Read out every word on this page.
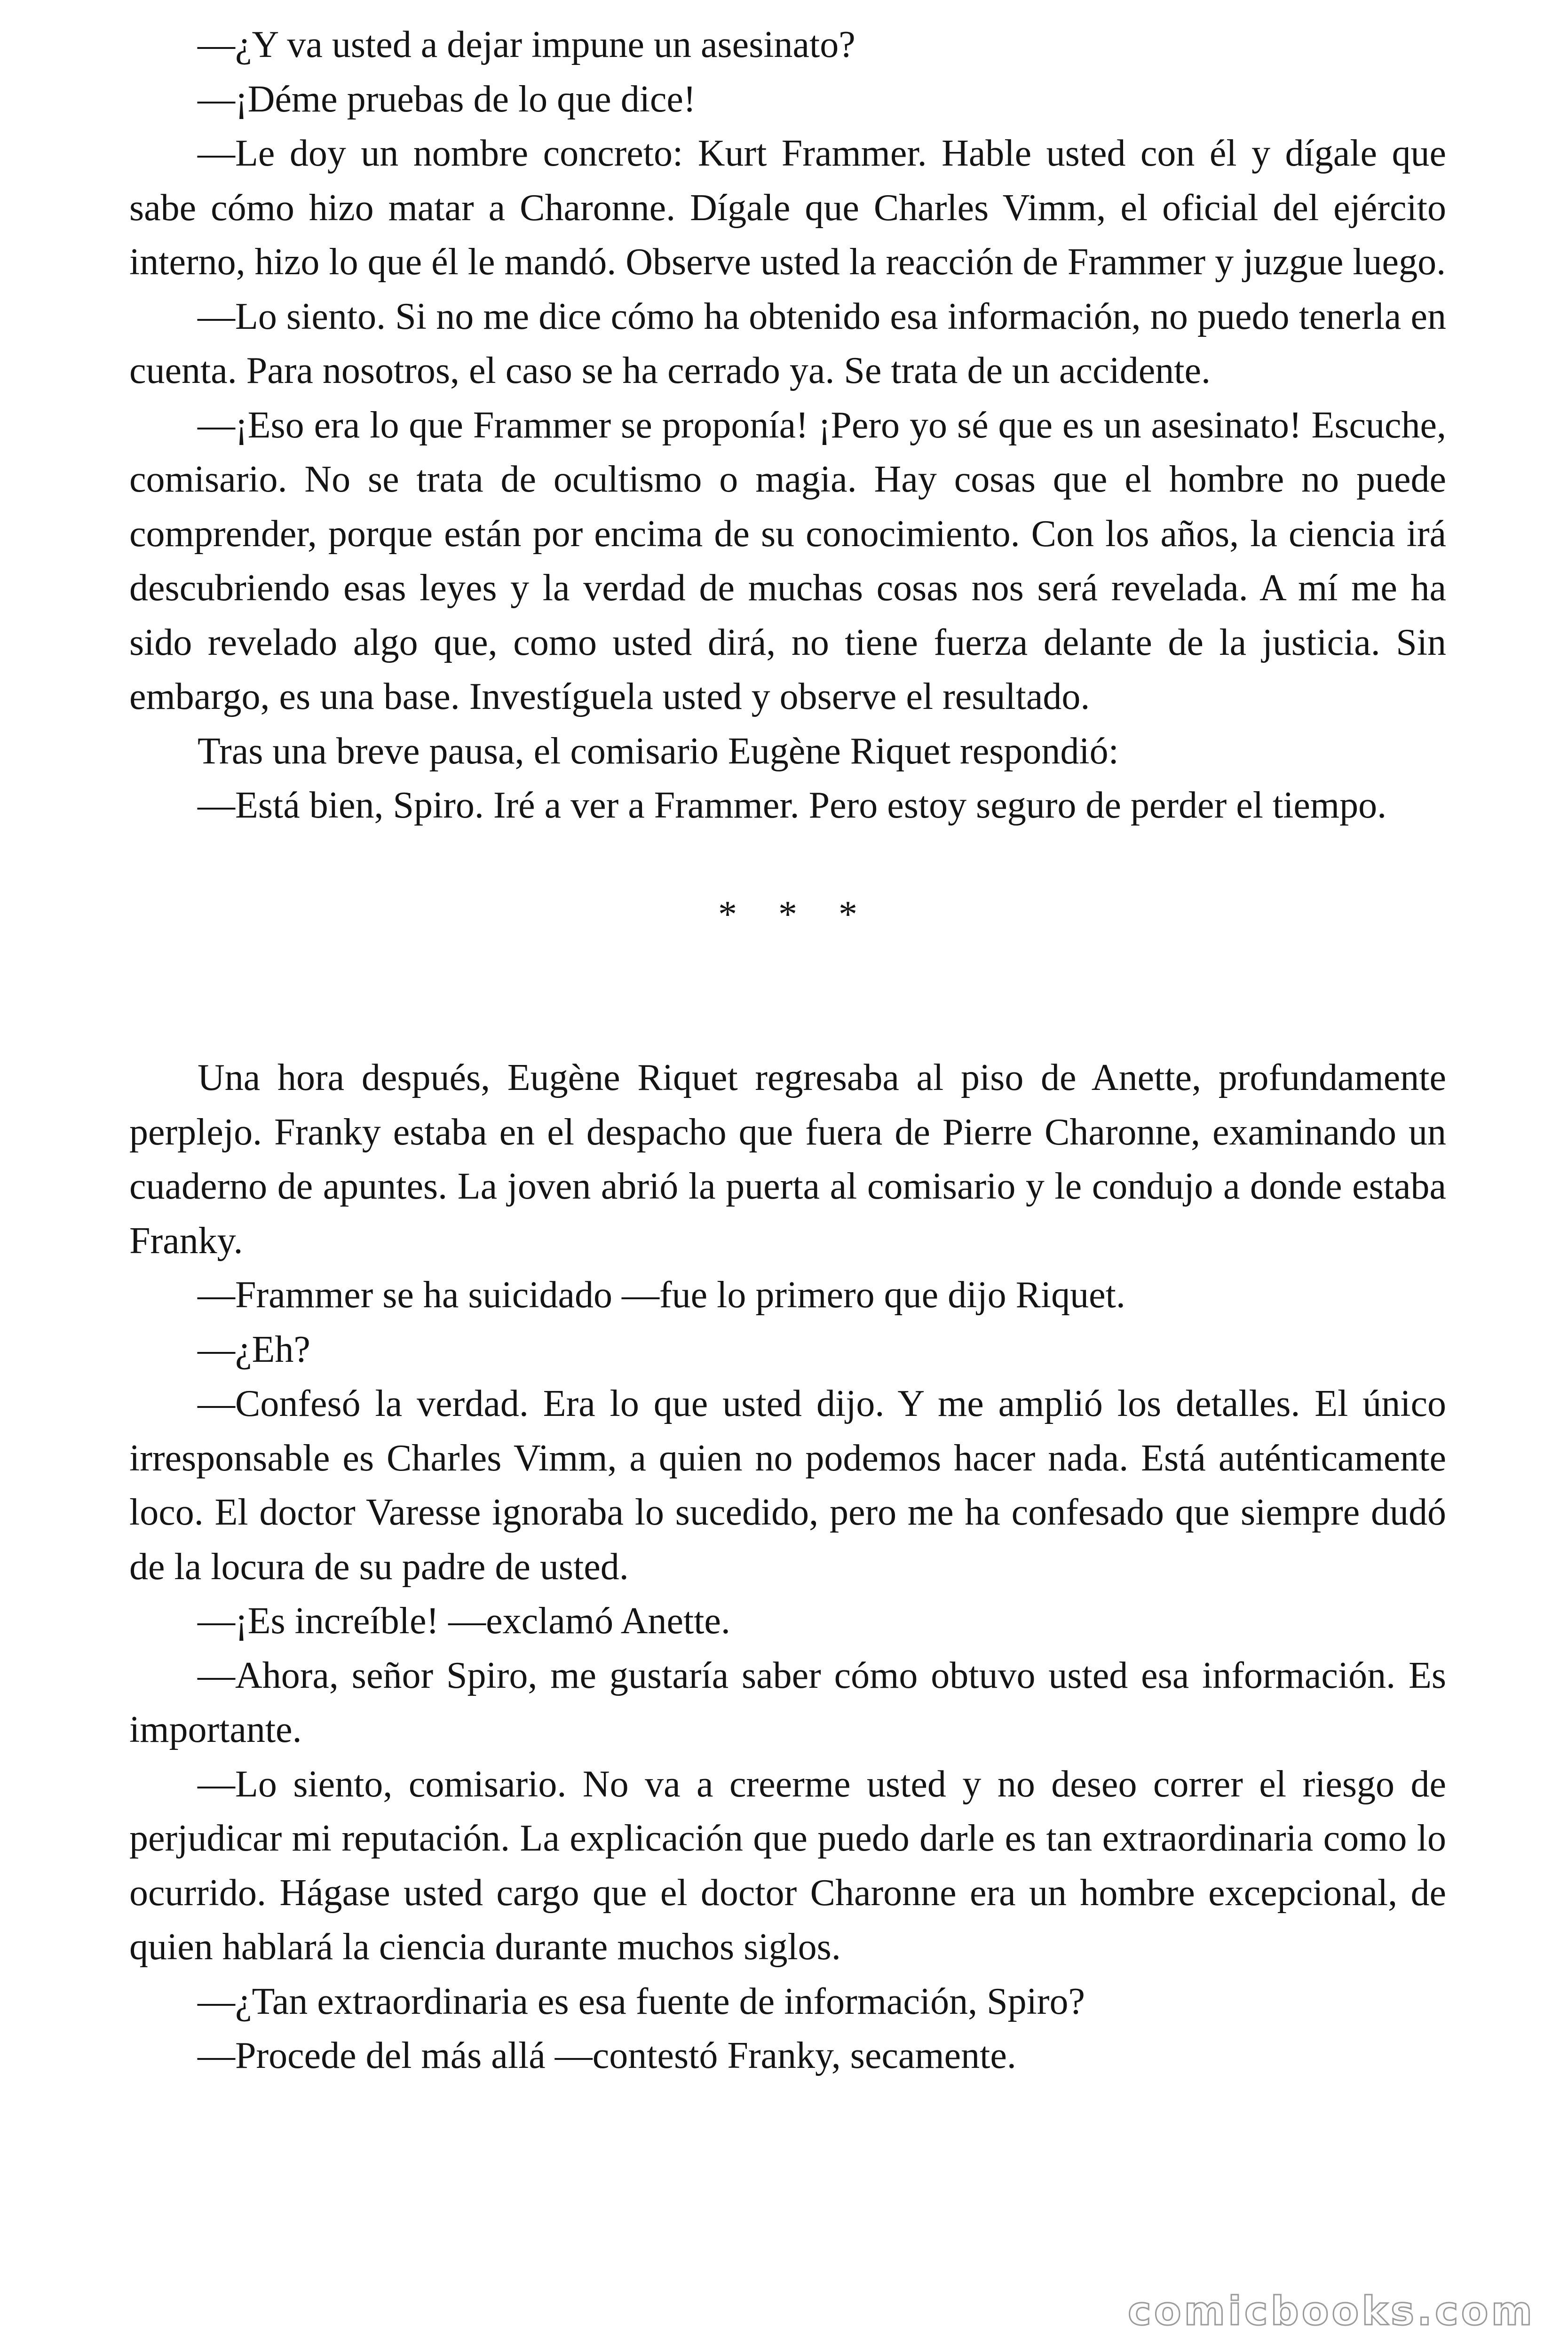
—¿Y va usted a dejar impune un asesinato?

—¡Déme pruebas de lo que dice!

—Le doy un nombre concreto: Kurt Frammer. Hable usted con él y dígale que sabe cómo hizo matar a Charonne. Dígale que Charles Vimm, el oficial del ejército interno, hizo lo que él le mandó. Observe usted la reacción de Frammer y juzgue luego.

—Lo siento. Si no me dice cómo ha obtenido esa información, no puedo tenerla en cuenta. Para nosotros, el caso se ha cerrado ya. Se trata de un accidente.

—¡Eso era lo que Frammer se proponía! ¡Pero yo sé que es un asesinato! Escuche, comisario. No se trata de ocultismo o magia. Hay cosas que el hombre no puede comprender, porque están por encima de su conocimiento. Con los años, la ciencia irá descubriendo esas leyes y la verdad de muchas cosas nos será revelada. A mí me ha sido revelado algo que, como usted dirá, no tiene fuerza delante de la justicia. Sin embargo, es una base. Investíguela usted y observe el resultado.

Tras una breve pausa, el comisario Eugène Riquet respondió:

—Está bien, Spiro. Iré a ver a Frammer. Pero estoy seguro de perder el tiempo.

* * *

Una hora después, Eugène Riquet regresaba al piso de Anette, profundamente perplejo. Franky estaba en el despacho que fuera de Pierre Charonne, examinando un cuaderno de apuntes. La joven abrió la puerta al comisario y le condujo a donde estaba Franky.

—Frammer se ha suicidado —fue lo primero que dijo Riquet.

—¿Eh?

—Confesó la verdad. Era lo que usted dijo. Y me amplió los detalles. El único irresponsable es Charles Vimm, a quien no podemos hacer nada. Está auténticamente loco. El doctor Varesse ignoraba lo sucedido, pero me ha confesado que siempre dudó de la locura de su padre de usted.

—¡Es increíble! —exclamó Anette.

—Ahora, señor Spiro, me gustaría saber cómo obtuvo usted esa información. Es importante.

—Lo siento, comisario. No va a creerme usted y no deseo correr el riesgo de perjudicar mi reputación. La explicación que puedo darle es tan extraordinaria como lo ocurrido. Hágase usted cargo que el doctor Charonne era un hombre excepcional, de quien hablará la ciencia durante muchos siglos.

—¿Tan extraordinaria es esa fuente de información, Spiro?

—Procede del más allá —contestó Franky, secamente.

comicbooks.com
